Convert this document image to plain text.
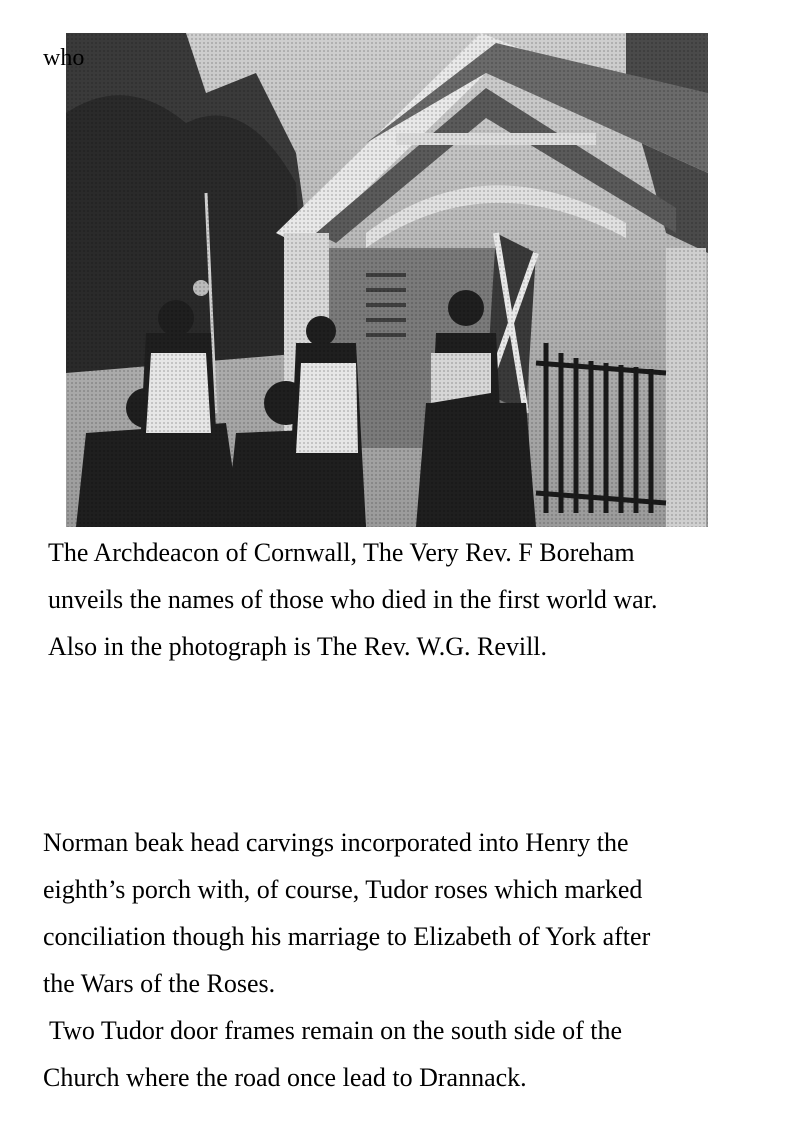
who

The Archdeacon of Cornwall, The Very Rev. F Boreham

unveils the names of those who died in the first world war.

Also in the photograph is The Rev. W.G. Revill.

Norman beak head carvings incorporated into Henry the

eighth’s porch with, of course, Tudor roses which marked

conciliation though his marriage to Elizabeth of York after

the Wars of the Roses.

Two Tudor door frames remain on the south side of the

Church where the road once lead to Drannack.
